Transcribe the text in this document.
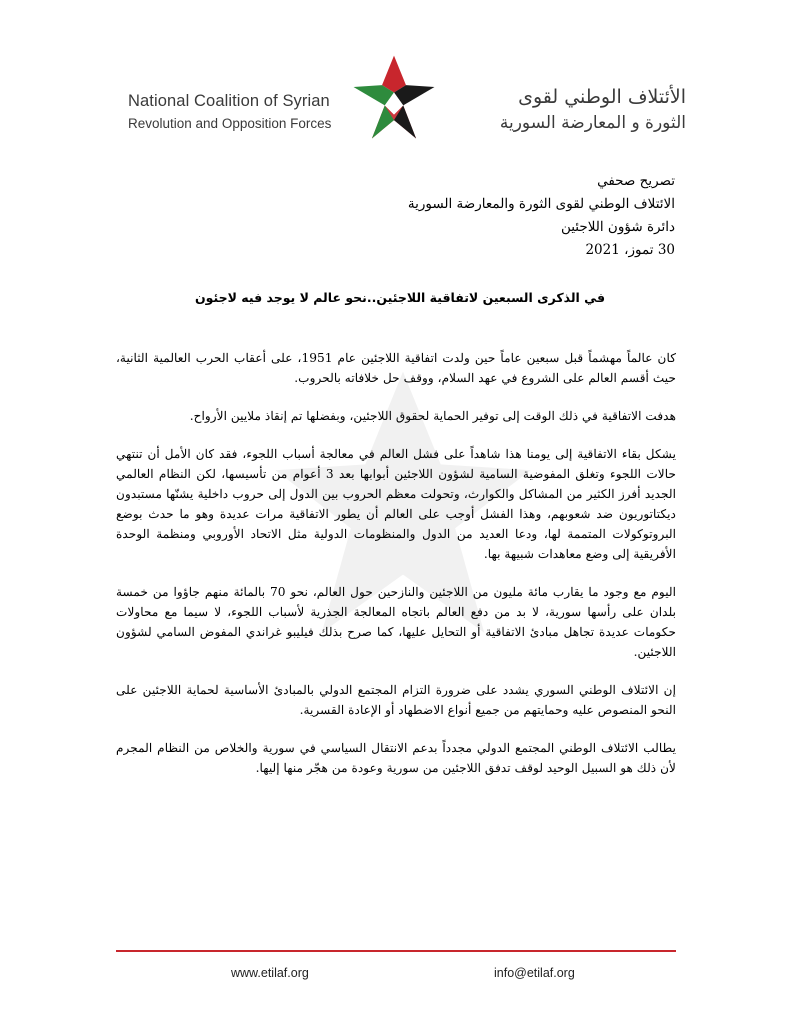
National Coalition of Syrian
Revolution and Opposition Forces
الأئتلاف الوطني لقوى
الثورة و المعارضة السورية
تصريح صحفي
الائتلاف الوطني لقوى الثورة والمعارضة السورية
دائرة شؤون اللاجئين
30 تموز، 2021
في الذكرى السبعين لاتفاقية اللاجئين..نحو عالم لا يوجد فيه لاجئون

كان عالماً مهشماً قبل سبعين عاماً حين ولدت اتفاقية اللاجئين عام 1951، على أعقاب الحرب العالمية الثانية، حيث أقسم العالم على الشروع في عهد السلام، ووقف حل خلافاته بالحروب.

هدفت الاتفاقية في ذلك الوقت إلى توفير الحماية لحقوق اللاجئين، وبفضلها تم إنقاذ ملايين الأرواح.

يشكل بقاء الاتفاقية إلى يومنا هذا شاهداً على فشل العالم في معالجة أسباب اللجوء، فقد كان الأمل أن تنتهي حالات اللجوء وتغلق المفوضية السامية لشؤون اللاجئين أبوابها بعد 3 أعوام من تأسيسها، لكن النظام العالمي الجديد أفرز الكثير من المشاكل والكوارث، وتحولت معظم الحروب بين الدول إلى حروب داخلية يشنّها مستبدون ديكتاتوريون ضد شعوبهم، وهذا الفشل أوجب على العالم أن يطور الاتفاقية مرات عديدة وهو ما حدث بوضع البروتوكولات المتممة لها، ودعا العديد من الدول والمنظومات الدولية مثل الاتحاد الأوروبي ومنظمة الوحدة الأفريقية إلى وضع معاهدات شبيهة بها.

اليوم مع وجود ما يقارب مائة مليون من اللاجئين والنازحين حول العالم، نحو 70 بالمائة منهم جاؤوا من خمسة بلدان على رأسها سورية، لا بد من دفع العالم باتجاه المعالجة الجذرية لأسباب اللجوء، لا سيما مع محاولات حكومات عديدة تجاهل مبادئ الاتفاقية أو التحايل عليها، كما صرح بذلك فيليبو غراندي المفوض السامي لشؤون اللاجئين.

إن الائتلاف الوطني السوري يشدد على ضرورة التزام المجتمع الدولي بالمبادئ الأساسية لحماية اللاجئين على النحو المنصوص عليه وحمايتهم من جميع أنواع الاضطهاد أو الإعادة القسرية.

يطالب الائتلاف الوطني المجتمع الدولي مجدداً بدعم الانتقال السياسي في سورية والخلاص من النظام المجرم لأن ذلك هو السبيل الوحيد لوقف تدفق اللاجئين من سورية وعودة من هجّر منها إليها.

www.etilaf.org	info@etilaf.org
